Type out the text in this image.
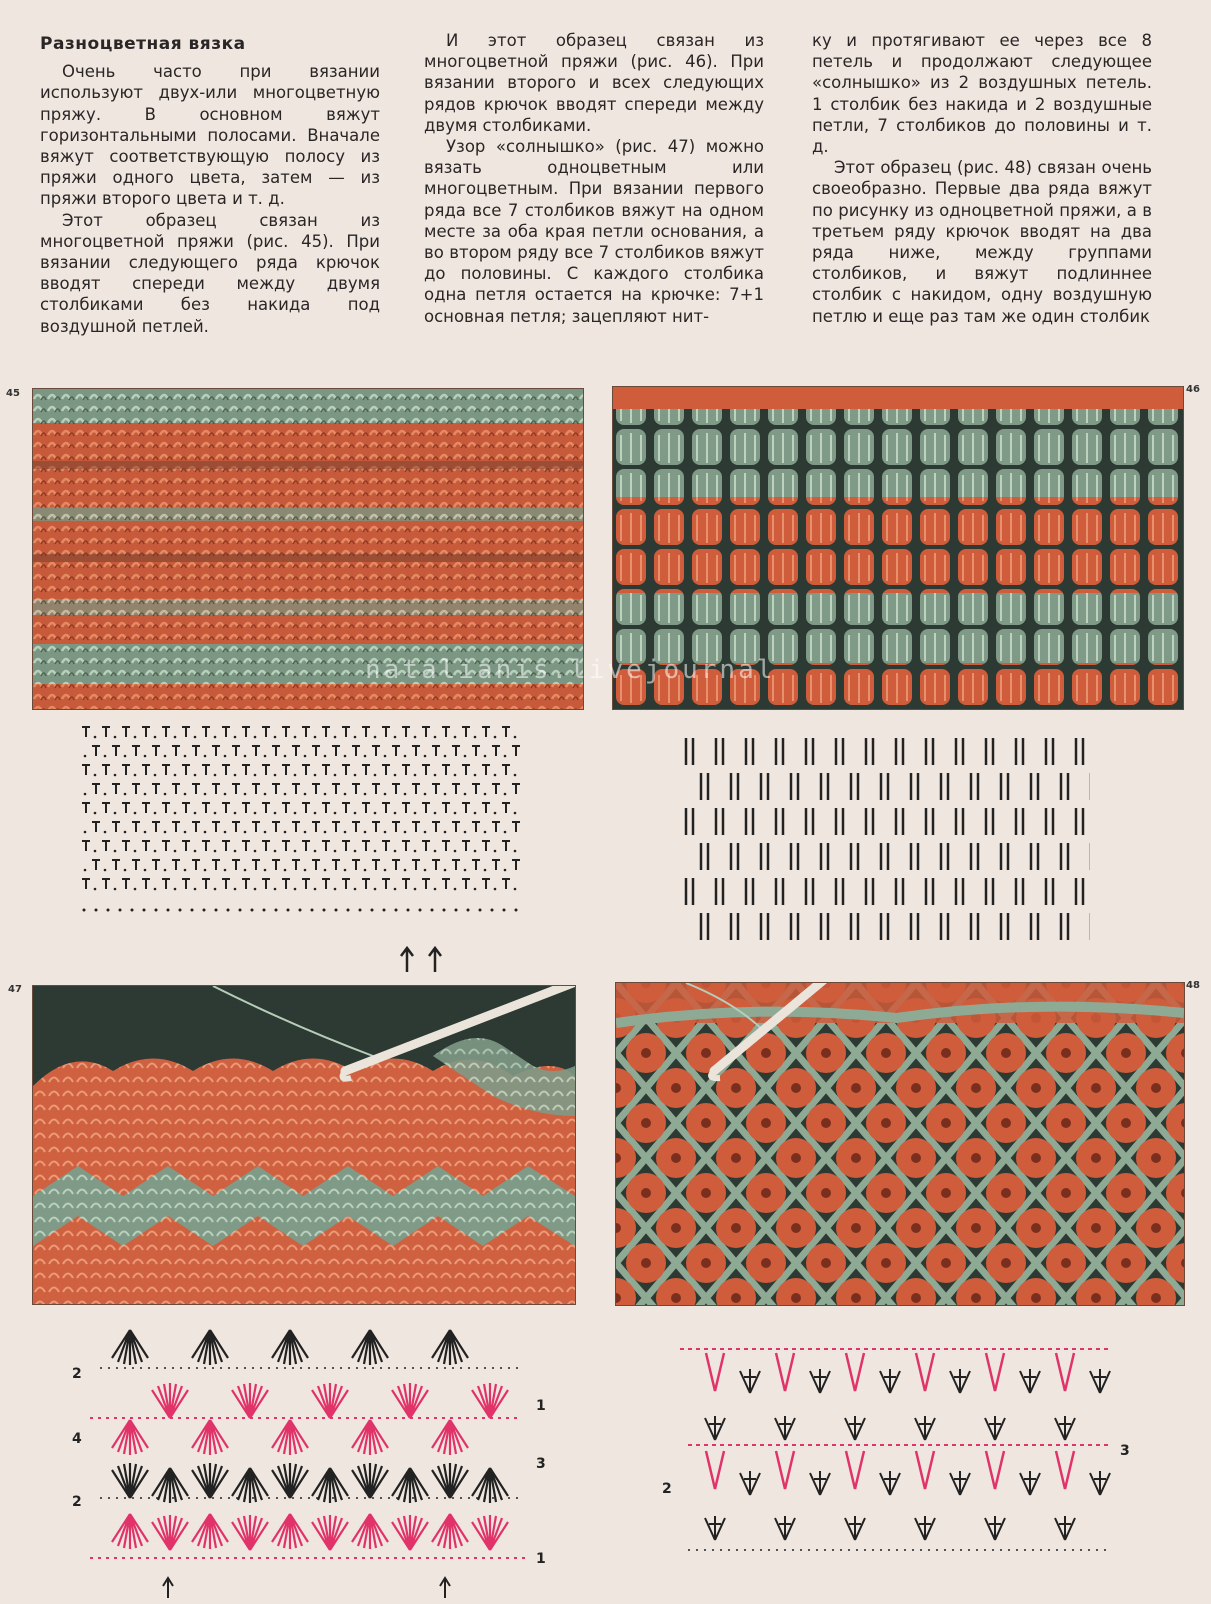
Разноцветная вязка

Очень часто при вязании используют двух-или многоцветную пряжу. В основном вяжут горизонтальными полосами. Вначале вяжут соответствующую полосу из пряжи одного цвета, затем — из пряжи второго цвета и т. д.

Этот образец связан из многоцветной пряжи (рис. 45). При вязании следующего ряда крючок вводят спереди между двумя столбиками без накида под воздушной петлей.

И этот образец связан из многоцветной пряжи (рис. 46). При вязании второго и всех следующих рядов крючок вводят спереди между двумя столбиками.

Узор «солнышко» (рис. 47) можно вязать одноцветным или многоцветным. При вязании первого ряда все 7 столбиков вяжут на одном месте за оба края петли основания, а во втором ряду все 7 столбиков вяжут до половины. С каждого столбика одна петля остается на крючке: 7+1 основная петля; зацепляют нит-

ку и протягивают ее через все 8 петель и продолжают следующее «солнышко» из 2 воздушных петель. 1 столбик без накида и 2 воздушные петли, 7 столбиков до половины и т. д.

Этот образец (рис. 48) связан очень своеобразно. Первые два ряда вяжут по рисунку из одноцветной пряжи, а в третьем ряду крючок вводят на два ряда ниже, между группами столбиков, и вяжут подлиннее столбик с накидом, одну воздушную петлю и еще раз там же один столбик

45	46
47	48
natalianis.livejournal
2
1
4
3
2
1
3
2
